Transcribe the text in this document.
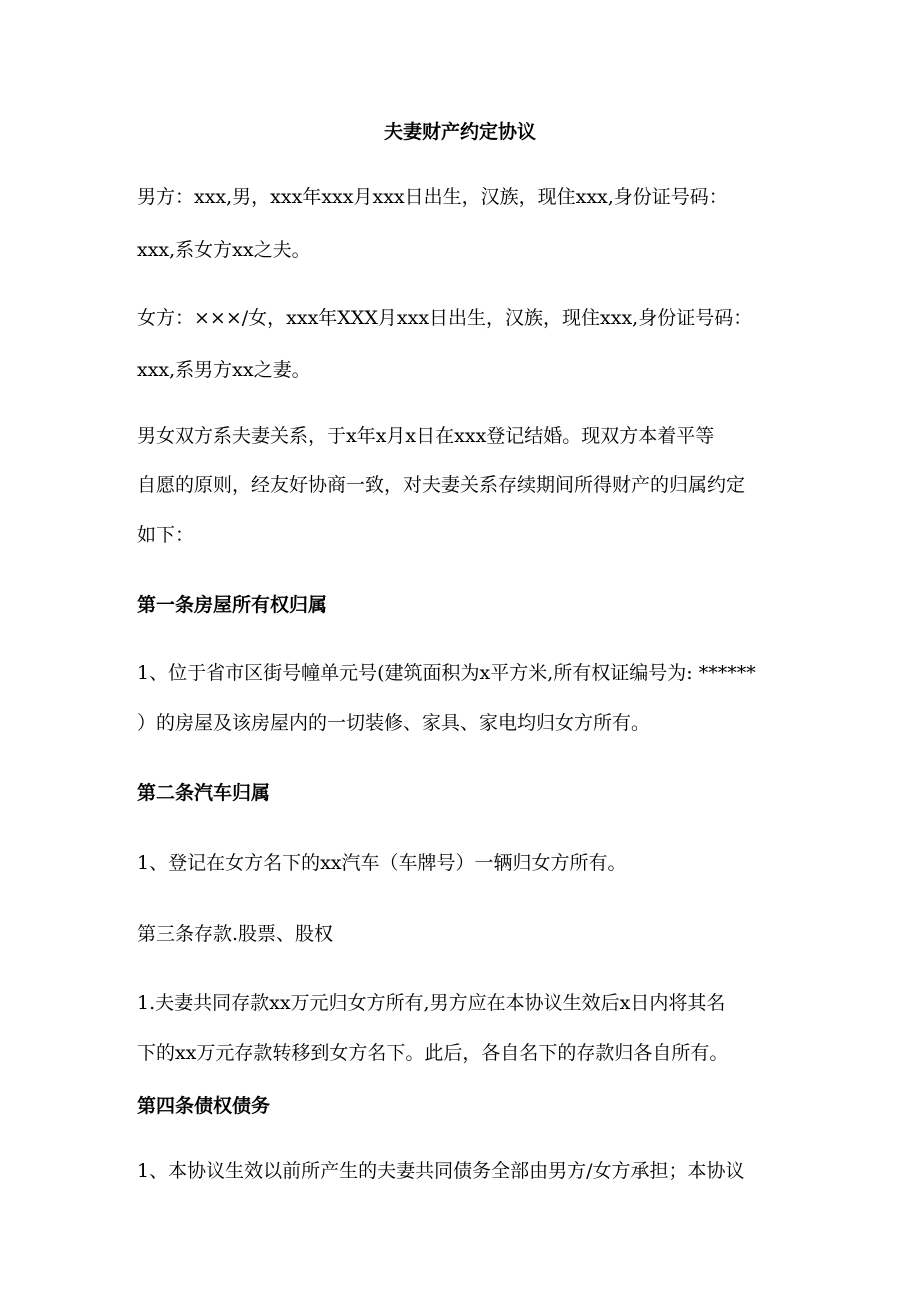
夫妻财产约定协议
男方：xxx,男，xxx年xxx月xxx日出生，汉族，现住xxx,身份证号码：
xxx,系女方xx之夫。
女方：×××/女，xxx年XXX月xxx日出生，汉族，现住xxx,身份证号码：
xxx,系男方xx之妻。
男女双方系夫妻关系，于x年x月x日在xxx登记结婚。现双方本着平等
自愿的原则，经友好协商一致，对夫妻关系存续期间所得财产的归属约定
如下：
第一条房屋所有权归属
1、位于省市区街号幢单元号(建筑面积为x平方米,所有权证编号为: ******
）的房屋及该房屋内的一切装修、家具、家电均归女方所有。
第二条汽车归属
1、登记在女方名下的xx汽车（车牌号）一辆归女方所有。
第三条存款.股票、股权
1.夫妻共同存款xx万元归女方所有,男方应在本协议生效后x日内将其名
下的xx万元存款转移到女方名下。此后，各自名下的存款归各自所有。
第四条债权债务
1、本协议生效以前所产生的夫妻共同债务全部由男方/女方承担；本协议
